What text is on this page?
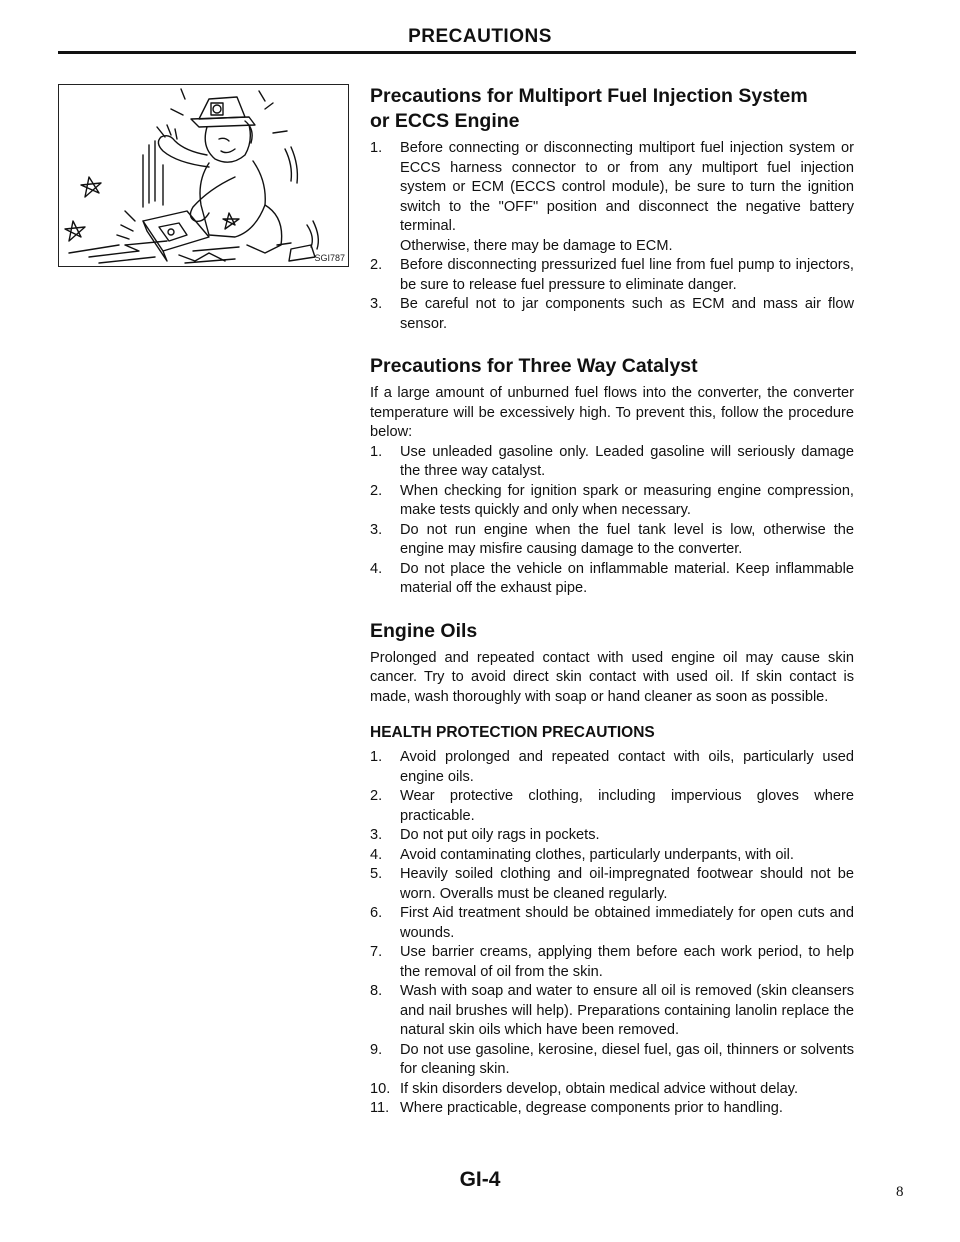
PRECAUTIONS
SGI787
Precautions for Multiport Fuel Injection System
or ECCS Engine
1. Before connecting or disconnecting multiport fuel injection system or ECCS harness connector to or from any multiport fuel injection system or ECM (ECCS control module), be sure to turn the ignition switch to the "OFF" position and disconnect the negative battery terminal.
Otherwise, there may be damage to ECM.
2. Before disconnecting pressurized fuel line from fuel pump to injectors, be sure to release fuel pressure to eliminate danger.
3. Be careful not to jar components such as ECM and mass air flow sensor.
Precautions for Three Way Catalyst

If a large amount of unburned fuel flows into the converter, the converter temperature will be excessively high. To prevent this, follow the procedure below:

1. Use unleaded gasoline only. Leaded gasoline will seriously damage the three way catalyst.
2. When checking for ignition spark or measuring engine compression, make tests quickly and only when necessary.
3. Do not run engine when the fuel tank level is low, otherwise the engine may misfire causing damage to the converter.
4. Do not place the vehicle on inflammable material. Keep inflammable material off the exhaust pipe.
Engine Oils

Prolonged and repeated contact with used engine oil may cause skin cancer. Try to avoid direct skin contact with used oil. If skin contact is made, wash thoroughly with soap or hand cleaner as soon as possible.

HEALTH PROTECTION PRECAUTIONS
1. Avoid prolonged and repeated contact with oils, particularly used engine oils.
2. Wear protective clothing, including impervious gloves where practicable.
3. Do not put oily rags in pockets.
4. Avoid contaminating clothes, particularly underpants, with oil.
5. Heavily soiled clothing and oil-impregnated footwear should not be worn. Overalls must be cleaned regularly.
6. First Aid treatment should be obtained immediately for open cuts and wounds.
7. Use barrier creams, applying them before each work period, to help the removal of oil from the skin.
8. Wash with soap and water to ensure all oil is removed (skin cleansers and nail brushes will help). Preparations containing lanolin replace the natural skin oils which have been removed.
9. Do not use gasoline, kerosine, diesel fuel, gas oil, thinners or solvents for cleaning skin.
10. If skin disorders develop, obtain medical advice without delay.
11. Where practicable, degrease components prior to handling.
GI-4
8
